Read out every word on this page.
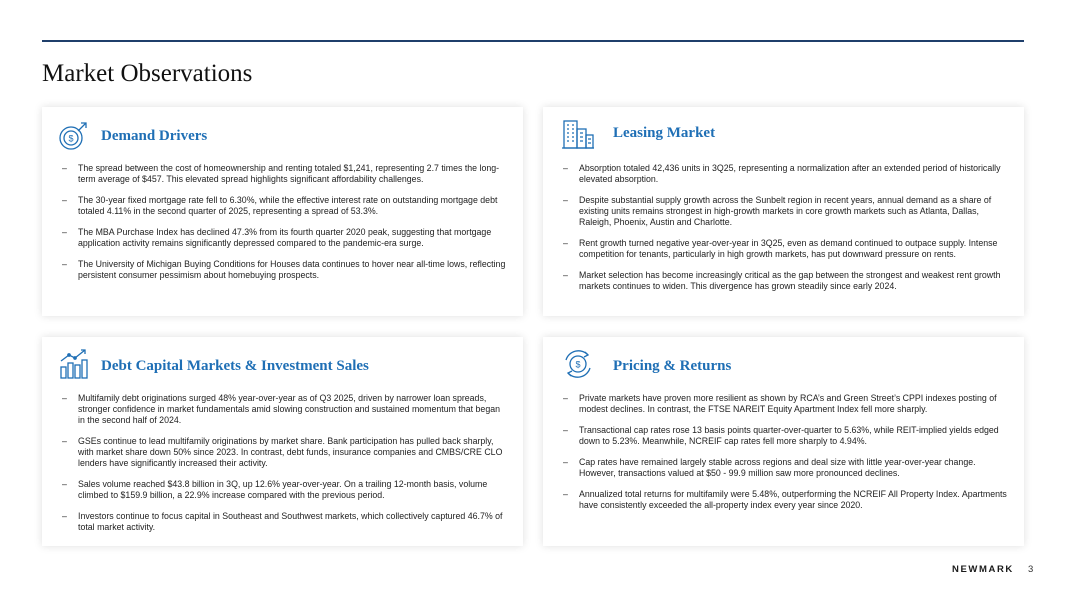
Market Observations
$ Demand Drivers
– The spread between the cost of homeownership and renting totaled $1,241, representing 2.7 times the long-term average of $457. This elevated spread highlights significant affordability challenges.
– The 30-year fixed mortgage rate fell to 6.30%, while the effective interest rate on outstanding mortgage debt totaled 4.11% in the second quarter of 2025, representing a spread of 53.3%.
– The MBA Purchase Index has declined 47.3% from its fourth quarter 2020 peak, suggesting that mortgage application activity remains significantly depressed compared to the pandemic-era surge.
– The University of Michigan Buying Conditions for Houses data continues to hover near all-time lows, reflecting persistent consumer pessimism about homebuying prospects.
Leasing Market
– Absorption totaled 42,436 units in 3Q25, representing a normalization after an extended period of historically elevated absorption.
– Despite substantial supply growth across the Sunbelt region in recent years, annual demand as a share of existing units remains strongest in high-growth markets in core growth markets such as Atlanta, Dallas, Raleigh, Phoenix, Austin and Charlotte.
– Rent growth turned negative year-over-year in 3Q25, even as demand continued to outpace supply. Intense competition for tenants, particularly in high growth markets, has put downward pressure on rents.
– Market selection has become increasingly critical as the gap between the strongest and weakest rent growth markets continues to widen. This divergence has grown steadily since early 2024.
Debt Capital Markets & Investment Sales
– Multifamily debt originations surged 48% year-over-year as of Q3 2025, driven by narrower loan spreads, stronger confidence in market fundamentals amid slowing construction and sustained momentum that began in the second half of 2024.
– GSEs continue to lead multifamily originations by market share. Bank participation has pulled back sharply, with market share down 50% since 2023. In contrast, debt funds, insurance companies and CMBS/CRE CLO lenders have significantly increased their activity.
– Sales volume reached $43.8 billion in 3Q, up 12.6% year-over-year. On a trailing 12-month basis, volume climbed to $159.9 billion, a 22.9% increase compared with the previous period.
– Investors continue to focus capital in Southeast and Southwest markets, which collectively captured 46.7% of total market activity.
$ Pricing & Returns
– Private markets have proven more resilient as shown by RCA’s and Green Street’s CPPI indexes posting of modest declines. In contrast, the FTSE NAREIT Equity Apartment Index fell more sharply.
– Transactional cap rates rose 13 basis points quarter-over-quarter to 5.63%, while REIT-implied yields edged down to 5.23%. Meanwhile, NCREIF cap rates fell more sharply to 4.94%.
– Cap rates have remained largely stable across regions and deal size with little year-over-year change. However, transactions valued at $50 - 99.9 million saw more pronounced declines.
– Annualized total returns for multifamily were 5.48%, outperforming the NCREIF All Property Index. Apartments have consistently exceeded the all-property index every year since 2020.
NEWMARK 3
